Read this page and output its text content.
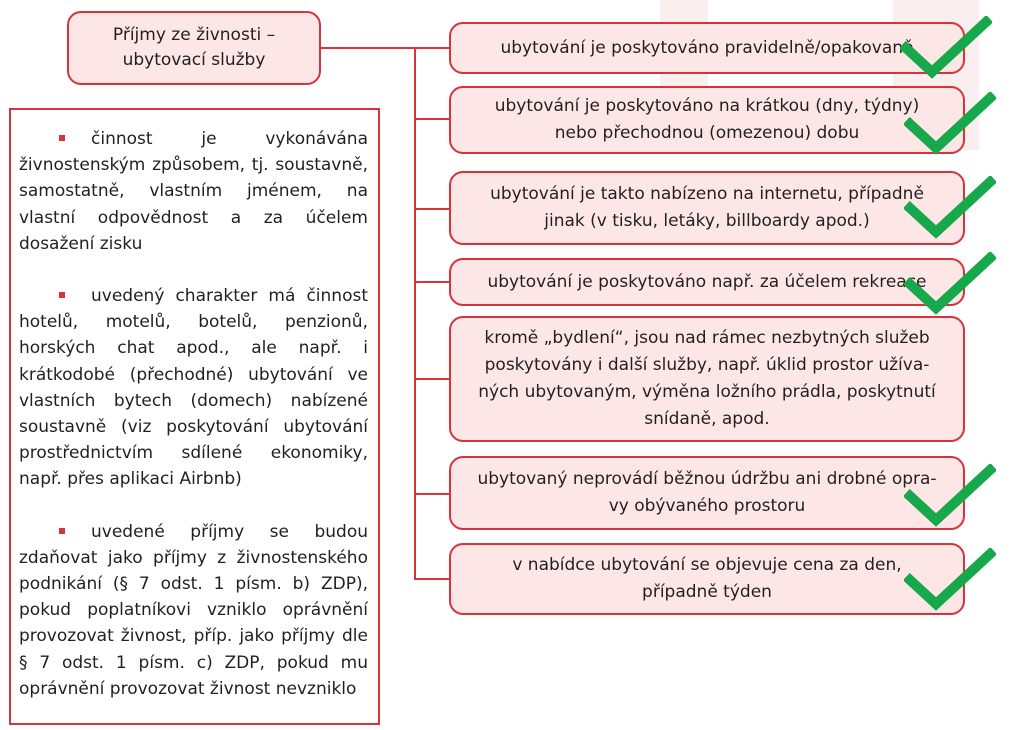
Příjmy ze živnosti –
ubytovací služby
činnost je vykonávána živnostenským způsobem, tj. soustavně, samostatně, vlastním jménem, na vlastní odpovědnost a za účelem dosažení zisku
uvedený charakter má činnost hotelů, motelů, botelů, penzionů, horských chat apod., ale např. i krátkodobé (přechodné) ubytování ve vlastních bytech (domech) nabízené soustavně (viz poskytování ubytování prostřednictvím sdílené ekonomiky, např. přes aplikaci Airbnb)
uvedené příjmy se budou zdaňovat jako příjmy z živnostenského podnikání (§ 7 odst. 1 písm. b) ZDP), pokud poplatníkovi vzniklo oprávnění provozovat živnost, příp. jako příjmy dle § 7 odst. 1 písm. c) ZDP, pokud mu oprávnění provozovat živnost nevzniklo
ubytování je poskytováno pravidelně/opakovaně
ubytování je poskytováno na krátkou (dny, týdny)
nebo přechodnou (omezenou) dobu
ubytování je takto nabízeno na internetu, případně
jinak (v tisku, letáky, billboardy apod.)
ubytování je poskytováno např. za účelem rekreace
kromě „bydlení“, jsou nad rámec nezbytných služeb
poskytovány i další služby, např. úklid prostor užíva-
ných ubytovaným, výměna ložního prádla, poskytnutí
snídaně, apod.
ubytovaný neprovádí běžnou údržbu ani drobné opra-
vy obývaného prostoru
v nabídce ubytování se objevuje cena za den,
případně týden
